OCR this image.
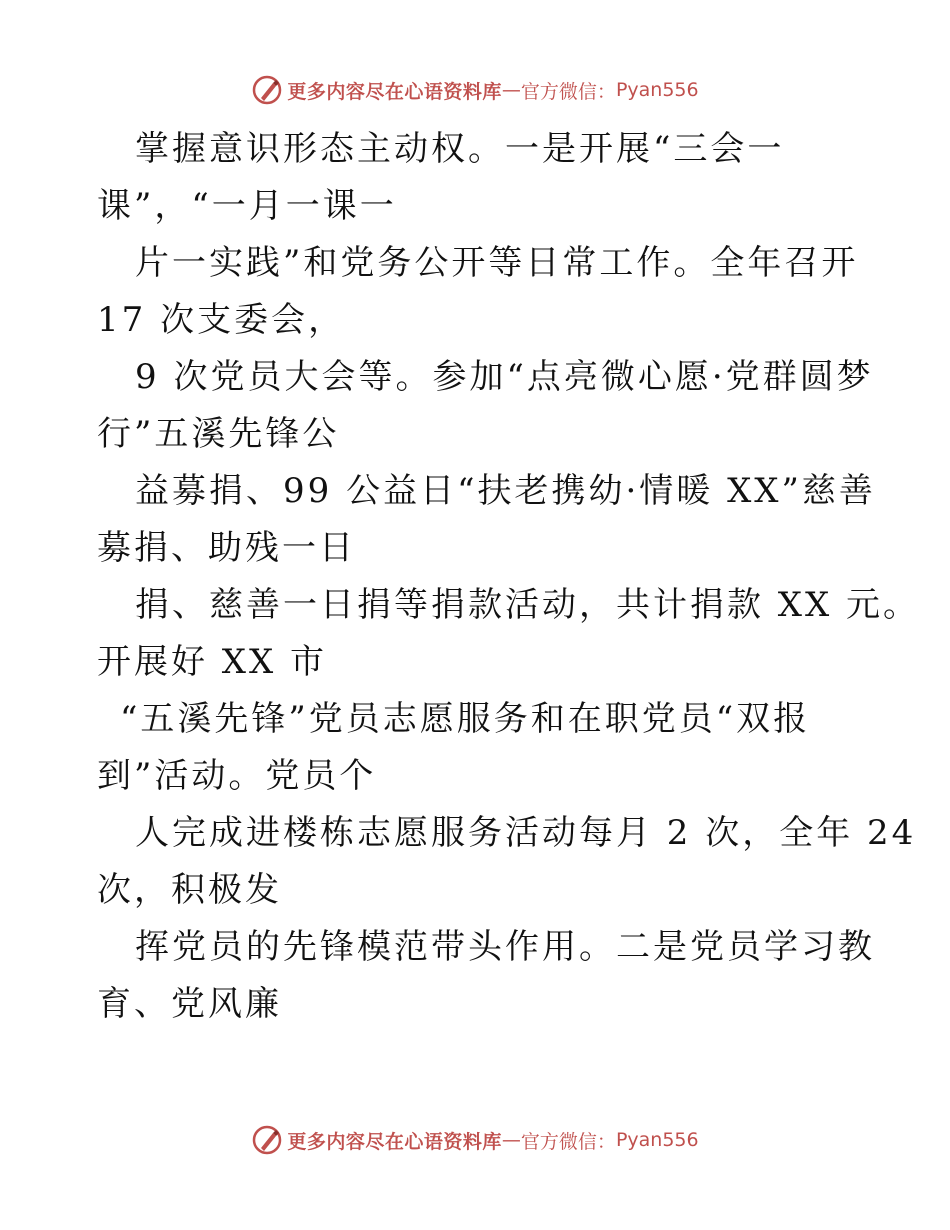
更多内容尽在心语资料库 — 官方微信： Pyan556
掌握意识形态主动权。一是开展“三会一
课”，“一月一课一
片一实践”和党务公开等日常工作。全年召开
17 次支委会，
9 次党员大会等。参加“点亮微心愿·党群圆梦
行”五溪先锋公
益募捐、99 公益日“扶老携幼·情暖 XX”慈善
募捐、助残一日
捐、慈善一日捐等捐款活动，共计捐款 XX 元。
开展好 XX 市
“五溪先锋”党员志愿服务和在职党员“双报
到”活动。党员个
人完成进楼栋志愿服务活动每月 2 次，全年 24
次，积极发
挥党员的先锋模范带头作用。二是党员学习教
育、党风廉
更多内容尽在心语资料库 — 官方微信： Pyan556
